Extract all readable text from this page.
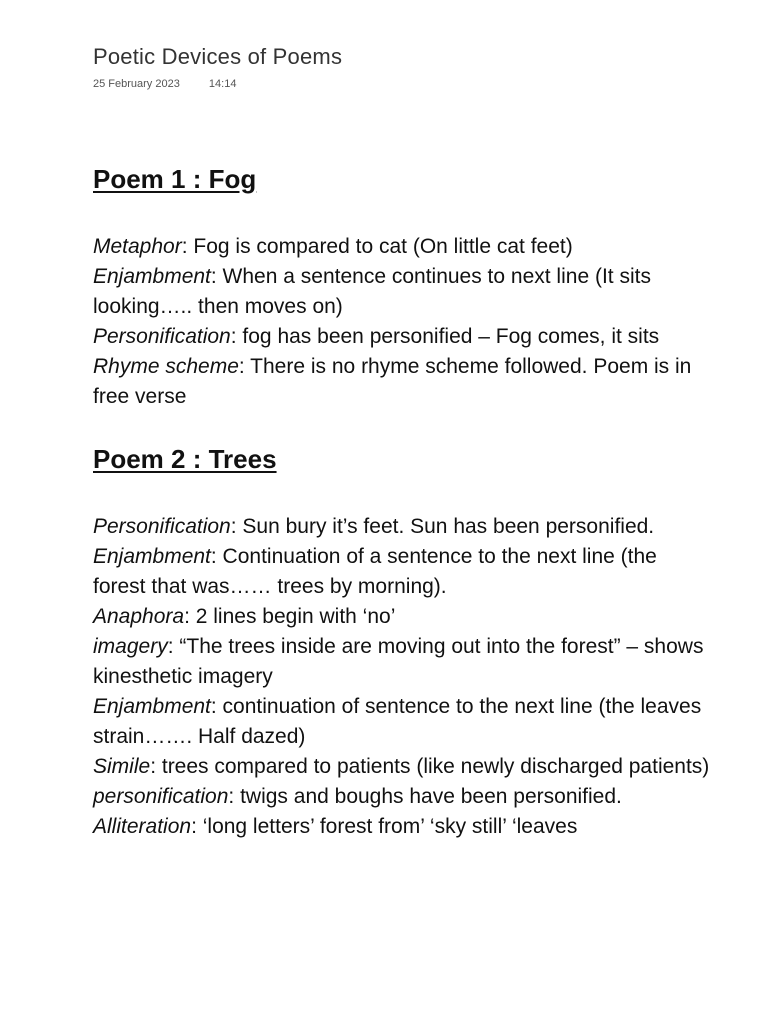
Poetic Devices of Poems
25 February 2023	14:14
Poem 1 : Fog

Metaphor: Fog is compared to cat (On little cat feet)

Enjambment: When a sentence continues to next line (It sits looking….. then moves on)

Personification: fog has been personified – Fog comes, it sits

Rhyme scheme: There is no rhyme scheme followed. Poem is in free verse

Poem 2 : Trees

Personification: Sun bury it’s feet. Sun has been personified.

Enjambment: Continuation of a sentence to the next line (the forest that was…… trees by morning).

Anaphora: 2 lines begin with ‘no’

imagery: “The trees inside are moving out into the forest” – shows kinesthetic imagery

Enjambment: continuation of sentence to the next line (the leaves strain……. Half dazed)

Simile: trees compared to patients (like newly discharged patients)

personification: twigs and boughs have been personified.

Alliteration: ‘long letters’ forest from’ ‘sky still’ ‘leaves
